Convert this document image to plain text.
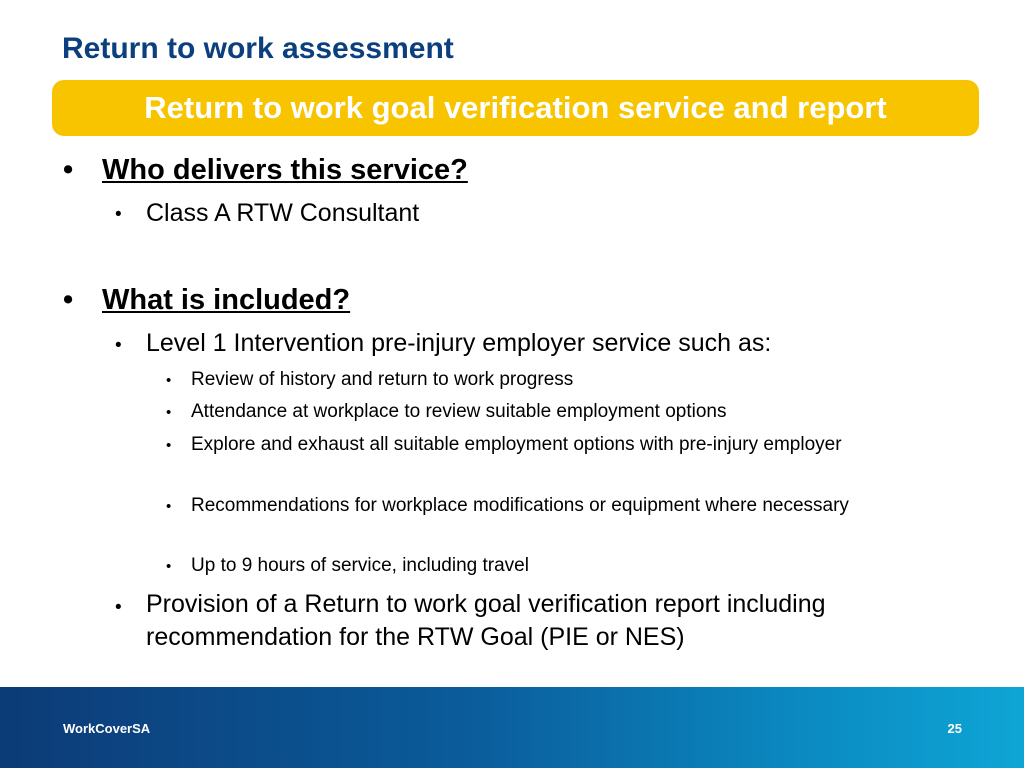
Return to work assessment
Return to work goal verification service and report
• Who delivers this service?
• Class A RTW Consultant
• What is included?
• Level 1 Intervention pre-injury employer service such as:
• Review of history and return to work progress
• Attendance at workplace to review suitable employment options
• Explore and exhaust all suitable employment options with pre-injury employer
• Recommendations for workplace modifications or equipment where necessary
• Up to 9 hours of service, including travel
• Provision of a Return to work goal verification report including recommendation for the RTW Goal (PIE or NES)
WorkCoverSA	25
